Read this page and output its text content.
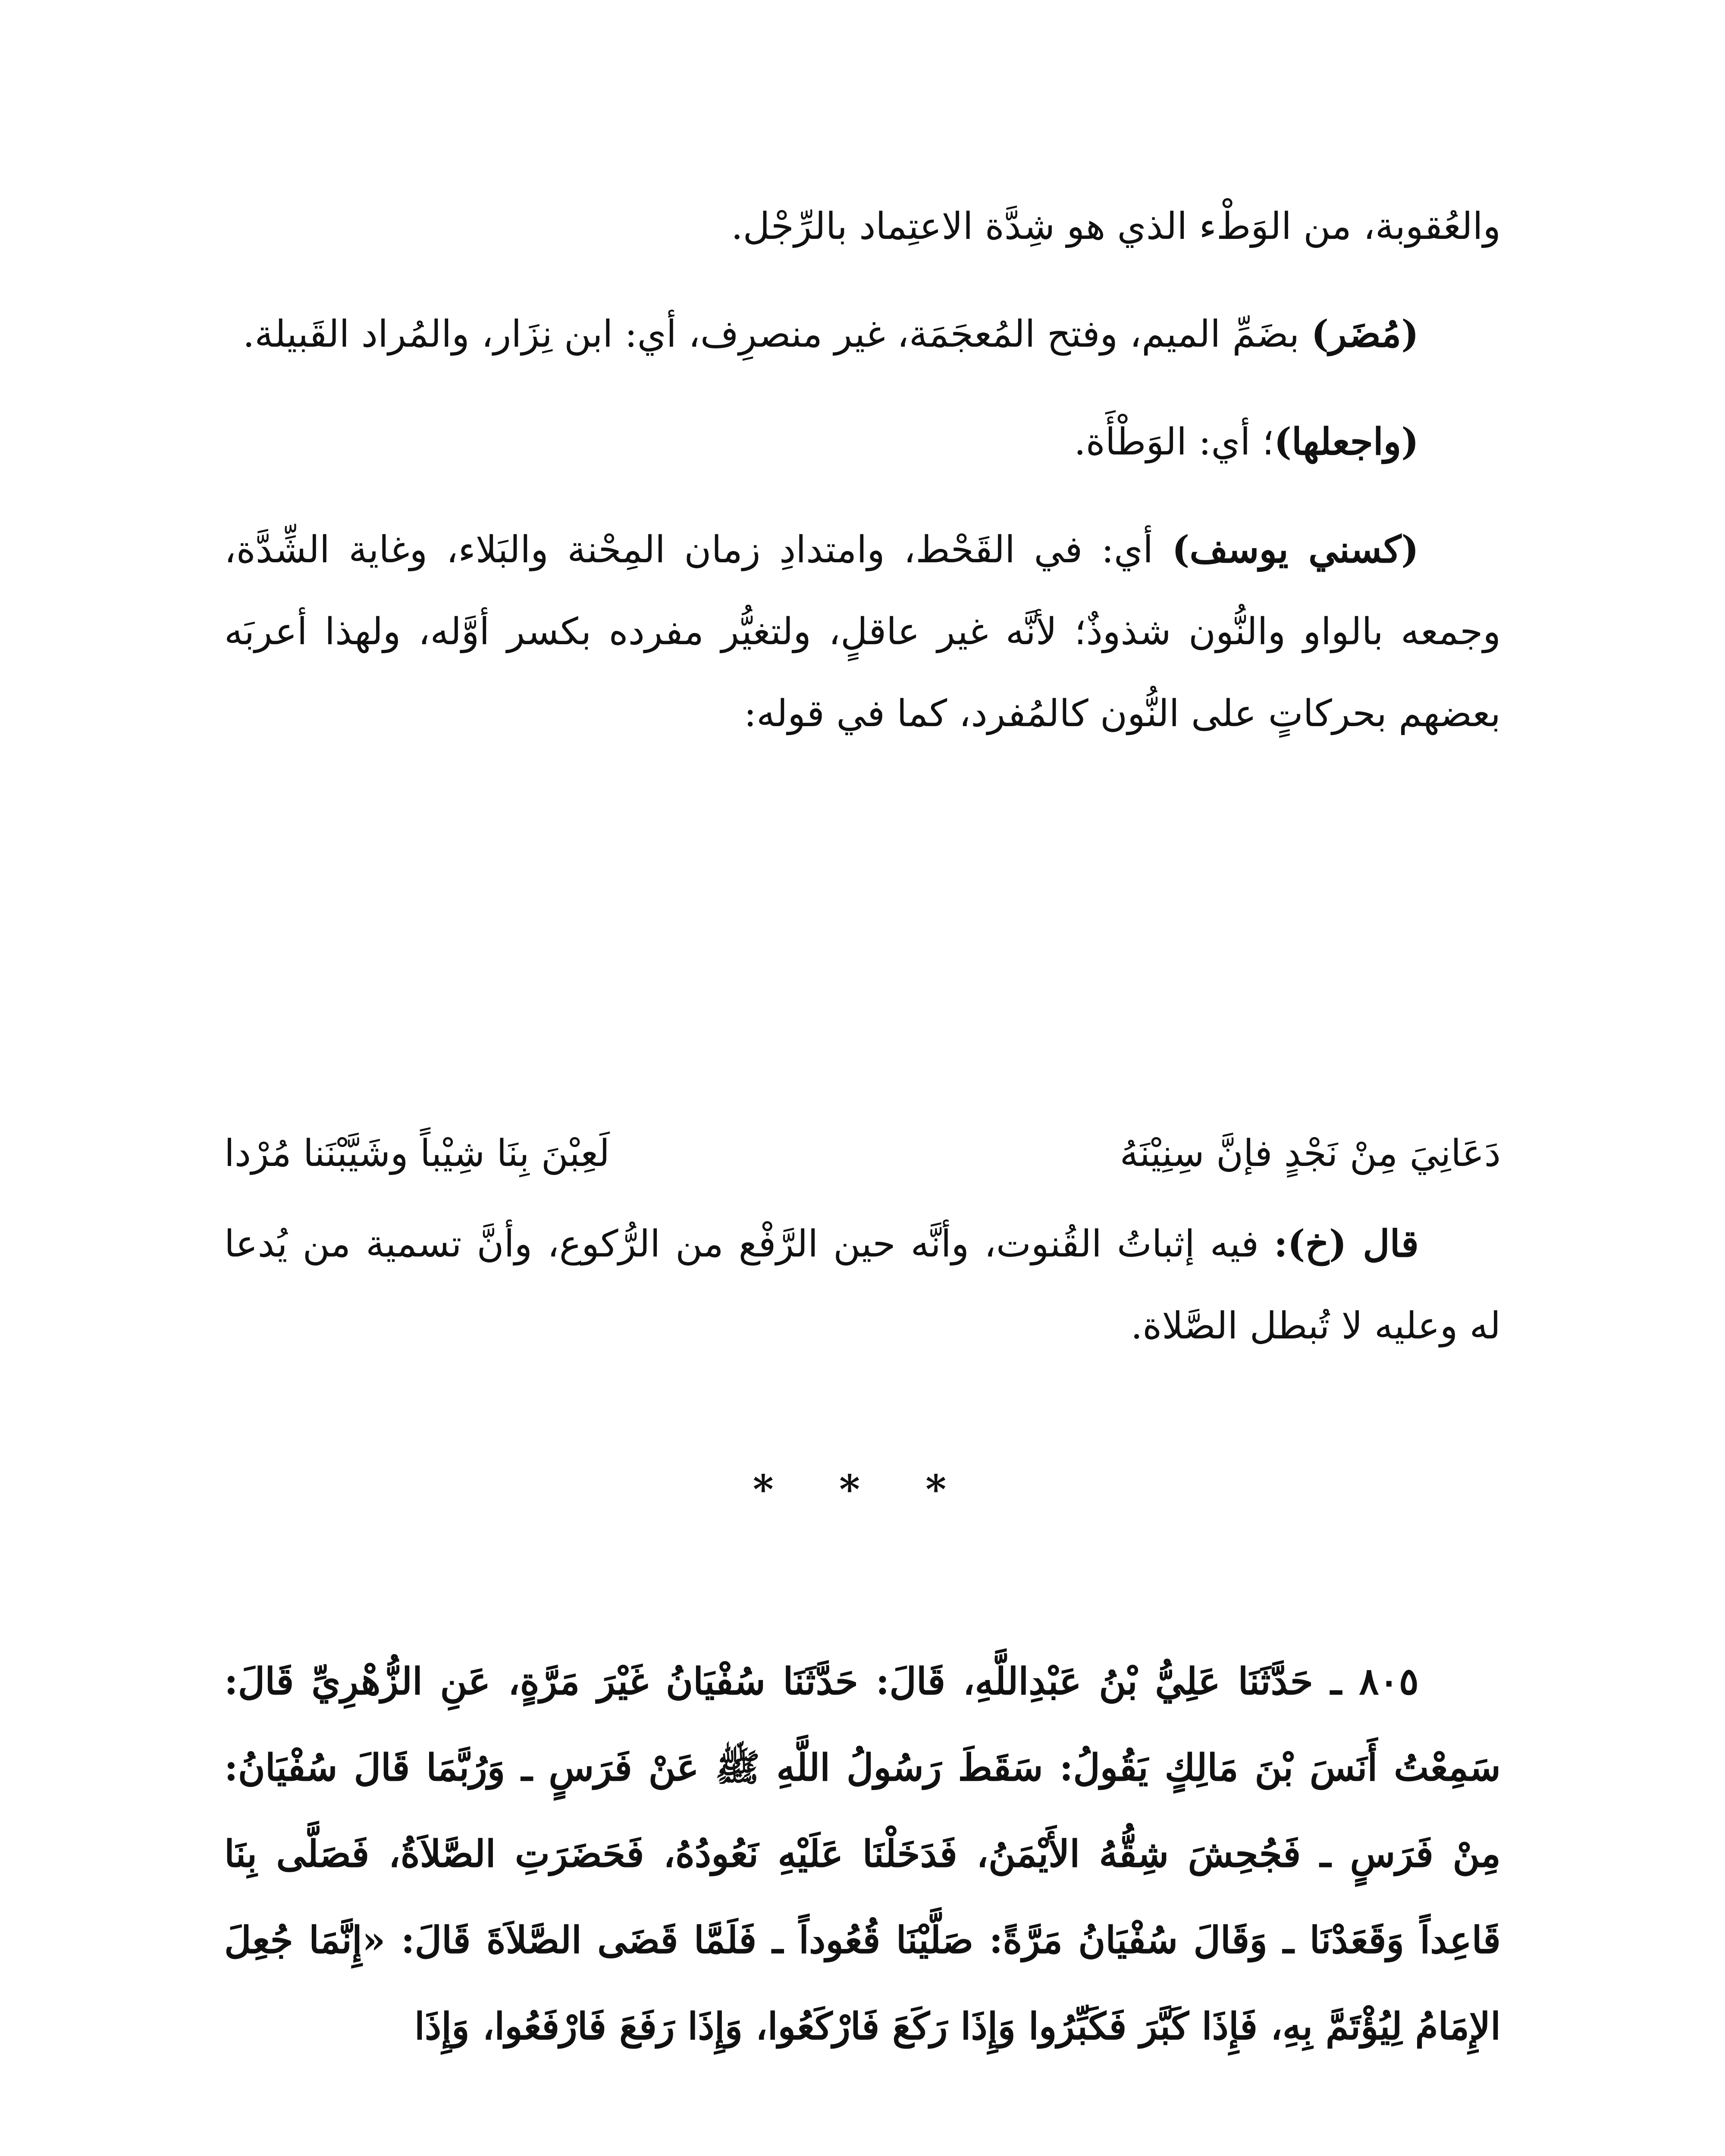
والعُقوبة، من الوَطْء الذي هو شِدَّة الاعتِماد بالرِّجْل.

(مُضَر) بضَمِّ الميم، وفتح المُعجَمَة، غير منصرِف، أي: ابن نِزَار، والمُراد القَبيلة.

(واجعلها)؛ أي: الوَطْأَة.

(كسني يوسف) أي: في القَحْط، وامتدادِ زمان المِحْنة والبَلاء، وغاية الشِّدَّة، وجمعه بالواو والنُّون شذوذٌ؛ لأنَّه غير عاقلٍ، ولتغيُّر مفرده بكسر أوَّله، ولهذا أعربَه بعضهم بحركاتٍ على النُّون كالمُفرد، كما في قوله:

دَعَانِيَ مِنْ نَجْدٍ فإنَّ سِنِيْنَهُ
لَعِبْنَ بِنَا شِيْباً وشَيَّبْنَنا مُرْدا

قال (خ): فيه إثباتُ القُنوت، وأنَّه حين الرَّفْع من الرُّكوع، وأنَّ تسمية من يُدعا له وعليه لا تُبطل الصَّلاة.

* * *

٨٠٥ ـ حَدَّثَنَا عَلِيُّ بْنُ عَبْدِاللَّهِ، قَالَ: حَدَّثَنَا سُفْيَانُ غَيْرَ مَرَّةٍ، عَنِ الزُّهْرِيِّ قَالَ: سَمِعْتُ أَنَسَ بْنَ مَالِكٍ يَقُولُ: سَقَطَ رَسُولُ اللَّهِ ﷺ عَنْ فَرَسٍ ـ وَرُبَّمَا قَالَ سُفْيَانُ: مِنْ فَرَسٍ ـ فَجُحِشَ شِقُّهُ الأَيْمَنُ، فَدَخَلْنَا عَلَيْهِ نَعُودُهُ، فَحَضَرَتِ الصَّلاَةُ، فَصَلَّى بِنَا قَاعِداً وَقَعَدْنَا ـ وَقَالَ سُفْيَانُ مَرَّةً: صَلَّيْنَا قُعُوداً ـ فَلَمَّا قَضَى الصَّلاَةَ قَالَ: «إِنَّمَا جُعِلَ الإِمَامُ لِيُؤْتَمَّ بِهِ، فَإِذَا كَبَّرَ فَكَبِّرُوا وَإِذَا رَكَعَ فَارْكَعُوا، وَإِذَا رَفَعَ فَارْفَعُوا، وَإِذَا
